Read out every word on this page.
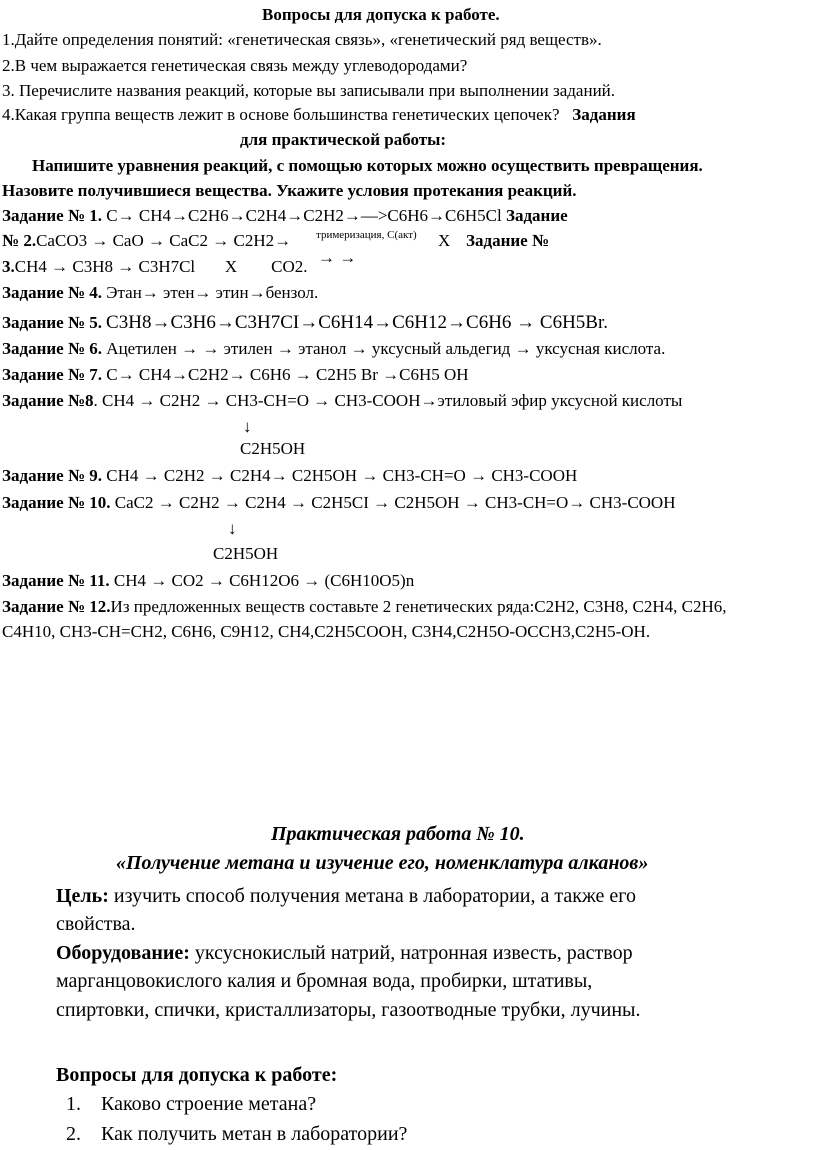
Вопросы для допуска к работе.
1.Дайте определения понятий: «генетическая связь», «генетический ряд веществ».
2.В чем выражается генетическая связь между углеводородами?
3. Перечислите названия реакций, которые вы записывали при выполнении заданий.
4.Какая группа веществ лежит в основе большинства генетических цепочек? Задания
для практической работы:
Напишите уравнения реакций, с помощью которых можно осуществить превращения.
Назовите получившиеся вещества. Укажите условия протекания реакций.
Задание № 1. C→ CH4→C2H6→C2H4→C2H2→—>C6H6→C6H5Cl Задание
№ 2.CaCO3 → CaO → CaC2 → C2H2→ тримеризация, C(акт) X Задание №
→ →
3.CH4 → C3H8 → C3H7Cl       X        CO2.
Задание № 4. Этан→ этен→ этин→бензол.
Задание № 5. C3H8→C3H6→C3H7CI→C6H14→C6H12→C6H6 → C6H5Br.
Задание № 6. Ацетилен → → этилен → этанол → уксусный альдегид → уксусная кислота.
Задание № 7. C→ CH4→C2H2→ C6H6 → C2H5 Br →C6H5 OH
Задание №8. CH4 → C2H2 → CH3-CH=O → CH3-COOH→этиловый эфир уксусной кислоты
↓
C2H5OH
Задание № 9. CH4 → C2H2 → C2H4→ C2H5OH → CH3-CH=O → CH3-COOH
Задание № 10. CaC2 → C2H2 → C2H4 → C2H5CI → C2H5OH → CH3-CH=O→ CH3-COOH
↓
C2H5OH
Задание № 11. CH4 → CO2 → C6H12O6 → (C6H10O5)n
Задание № 12.Из предложенных веществ составьте 2 генетических ряда:C2H2, C3H8, C2H4, C2H6,
C4H10, CH3-CH=CH2, C6H6, C9H12, CH4,C2H5COOH, C3H4,C2H5O-OCCH3,C2H5-OH.
Практическая работа № 10.
«Получение метана и изучение его, номенклатура алканов»
Цель: изучить способ получения метана в лаборатории, а также его
свойства.
Оборудование: уксуснокислый натрий, натронная известь, раствор
марганцовокислого калия и бромная вода, пробирки, штативы,
спиртовки, спички, кристаллизаторы, газоотводные трубки, лучины.
Вопросы для допуска к работе:
1. Каково строение метана?
2. Как получить метан в лаборатории?
